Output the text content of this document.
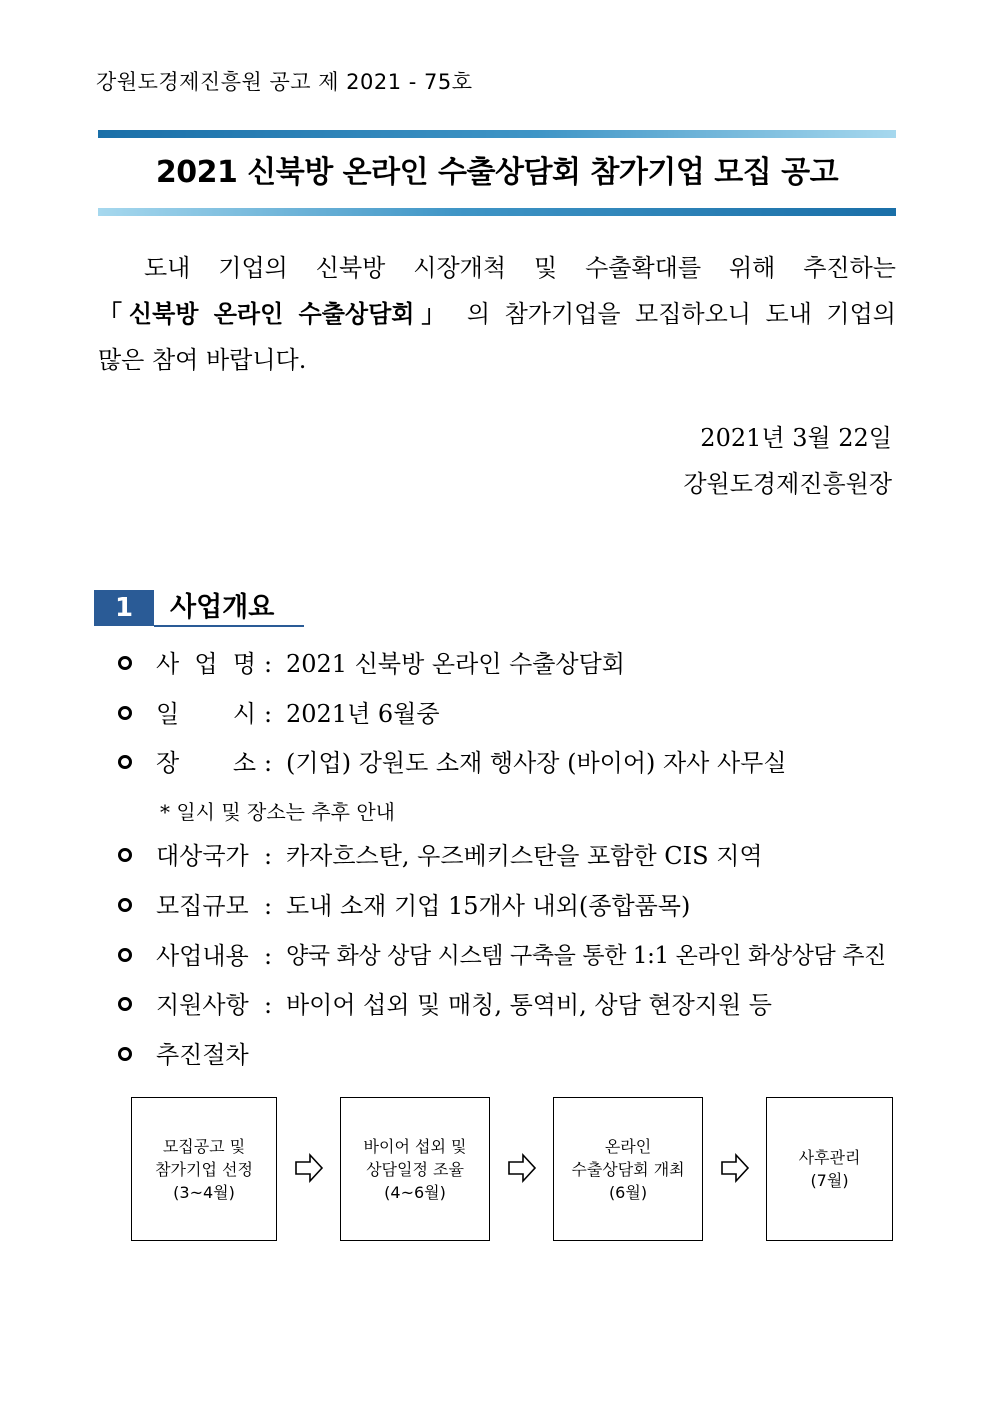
강원도경제진흥원 공고 제 2021 - 75호
2021 신북방 온라인 수출상담회 참가기업 모집 공고
도내 기업의 신북방 시장개척 및 수출확대를 위해 추진하는
「신북방 온라인 수출상담회」 의 참가기업을 모집하오니 도내 기업의
많은 참여 바랍니다.
2021년 3월 22일
강원도경제진흥원장
1	사업개요
사 업 명 : 2021 신북방 온라인 수출상담회
일 시 : 2021년 6월중
장 소 : (기업) 강원도 소재 행사장 (바이어) 자사 사무실
* 일시 및 장소는 추후 안내
대상국가 : 카자흐스탄, 우즈베키스탄을 포함한 CIS 지역
모집규모 : 도내 소재 기업 15개사 내외(종합품목)
사업내용 : 양국 화상 상담 시스템 구축을 통한 1:1 온라인 화상상담 추진
지원사항 : 바이어 섭외 및 매칭, 통역비, 상담 현장지원 등
추진절차
모집공고 및
참가기업 선정
(3~4월)
바이어 섭외 및
상담일정 조율
(4~6월)
온라인
수출상담회 개최
(6월)
사후관리
(7월)
